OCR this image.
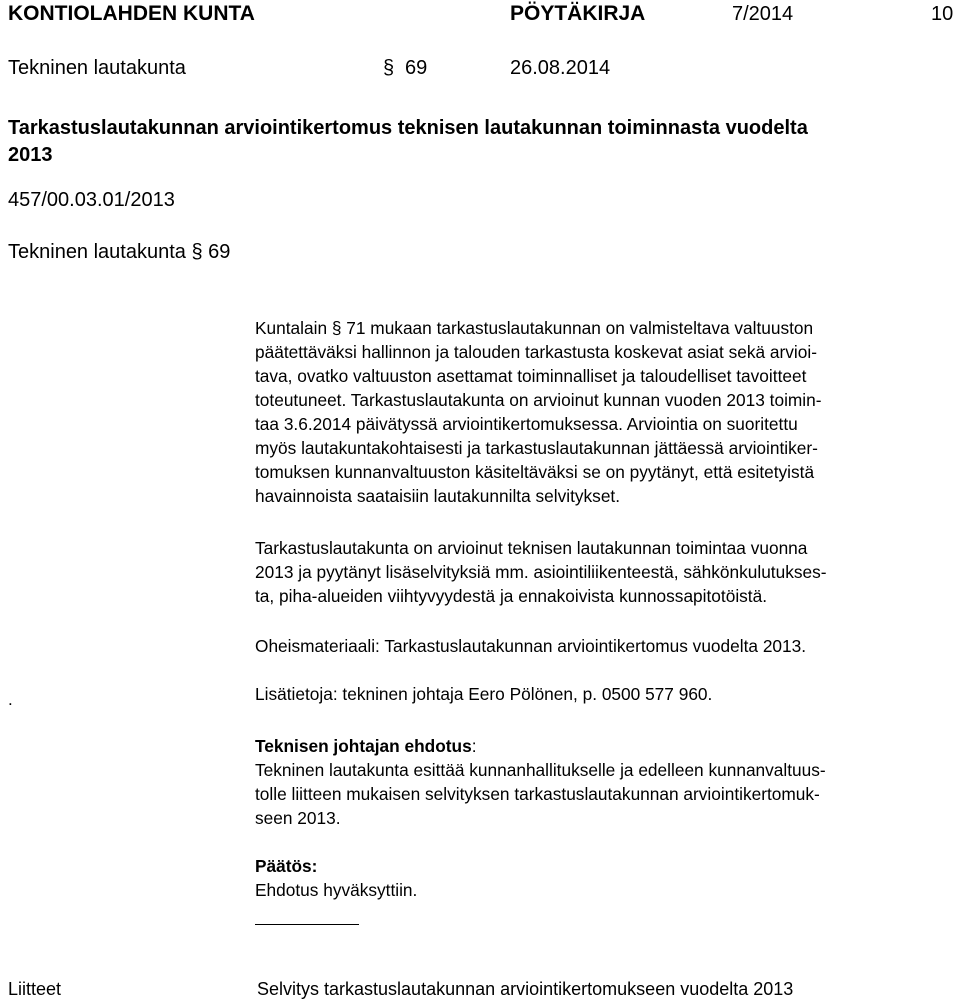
KONTIOLAHDEN KUNTA	PÖYTÄKIRJA	7/2014	10
Tekninen lautakunta	§ 69	26.08.2014
Tarkastuslautakunnan arviointikertomus teknisen lautakunnan toiminnasta vuodelta
2013
457/00.03.01/2013
Tekninen lautakunta § 69
Kuntalain § 71 mukaan tarkastuslautakunnan on valmisteltava valtuuston
päätettäväksi hallinnon ja talouden tarkastusta koskevat asiat sekä arvioi-
tava, ovatko valtuuston asettamat toiminnalliset ja taloudelliset tavoitteet
toteutuneet. Tarkastuslautakunta on arvioinut kunnan vuoden 2013 toimin-
taa 3.6.2014 päivätyssä arviointikertomuksessa. Arviointia on suoritettu
myös lautakuntakohtaisesti ja tarkastuslautakunnan jättäessä arviointiker-
tomuksen kunnanvaltuuston käsiteltäväksi se on pyytänyt, että esitetyistä
havainnoista saataisiin lautakunnilta selvitykset.
Tarkastuslautakunta on arvioinut teknisen lautakunnan toimintaa vuonna
2013 ja pyytänyt lisäselvityksiä mm. asiointiliikenteestä, sähkönkulutukses-
ta, piha-alueiden viihtyvyydestä ja ennakoivista kunnossapitotöistä.
Oheismateriaali: Tarkastuslautakunnan arviointikertomus vuodelta 2013.
Lisätietoja: tekninen johtaja Eero Pölönen, p. 0500 577 960.
.
Teknisen johtajan ehdotus:
Tekninen lautakunta esittää kunnanhallitukselle ja edelleen kunnanvaltuus-
tolle liitteen mukaisen selvityksen tarkastuslautakunnan arviointikertomuk-
seen 2013.
Päätös:
Ehdotus hyväksyttiin.
Liitteet	Selvitys tarkastuslautakunnan arviointikertomukseen vuodelta 2013
